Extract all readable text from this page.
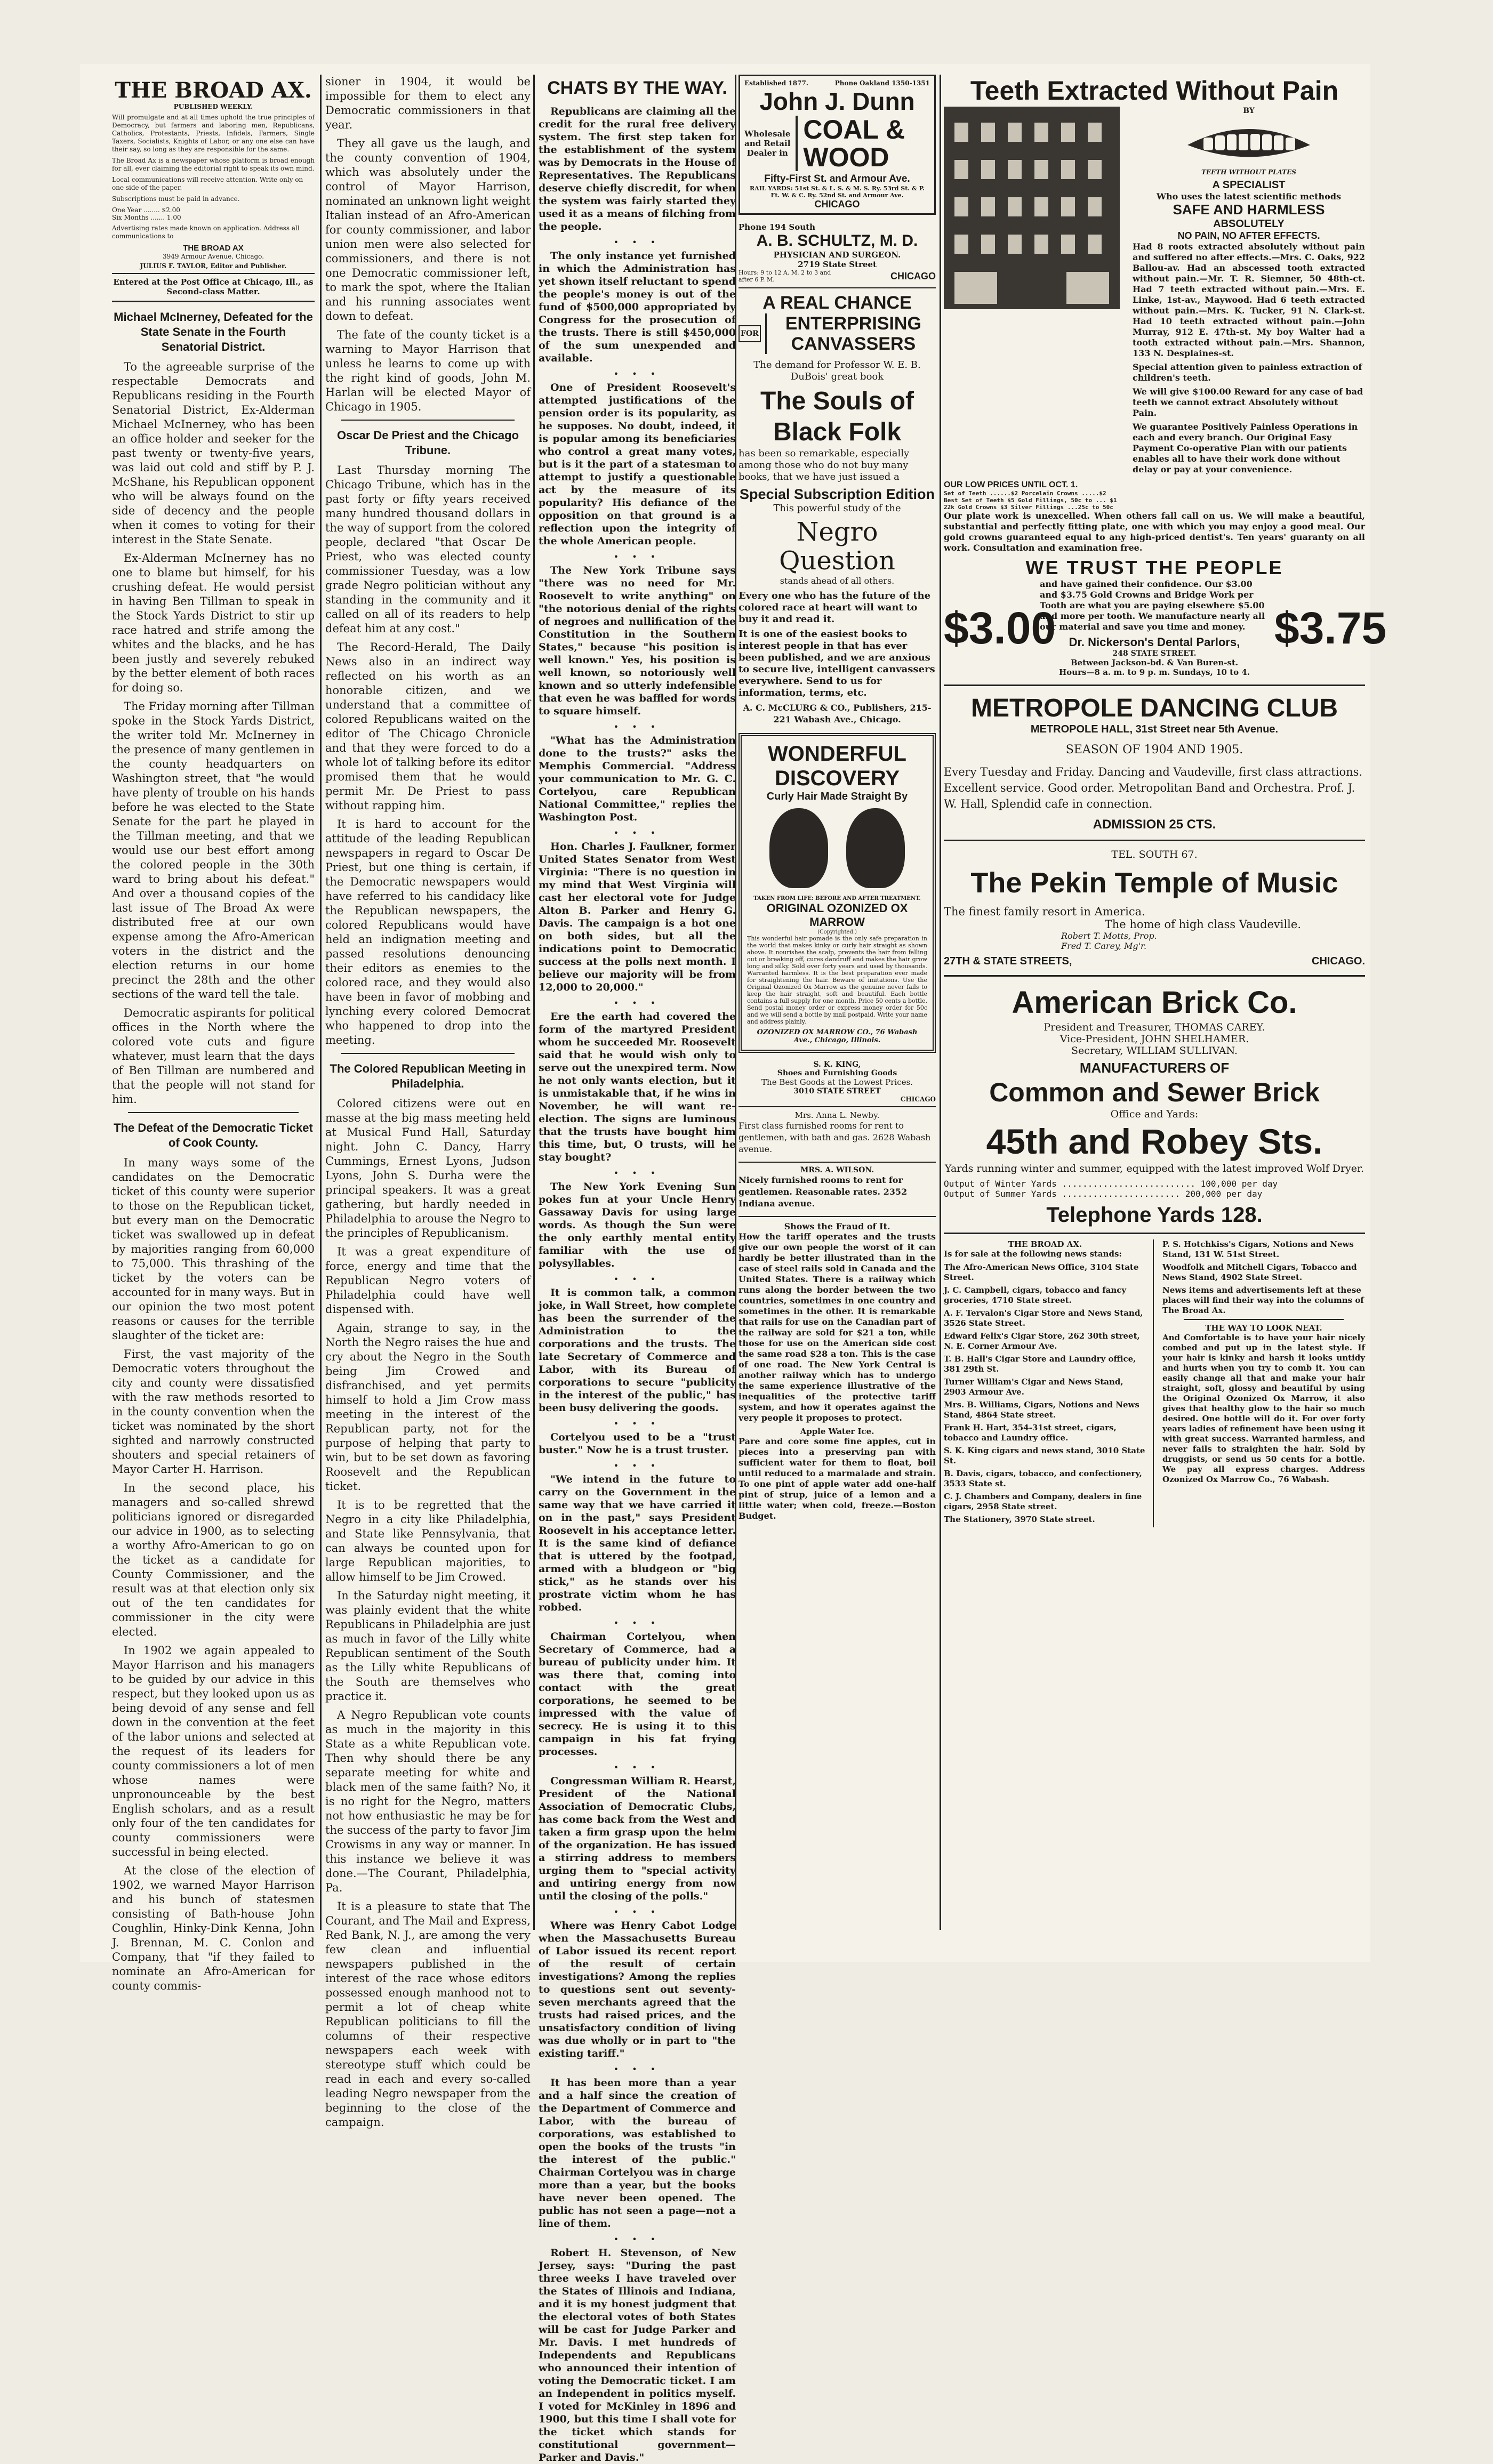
THE BROAD AX.
PUBLISHED WEEKLY.

Will promulgate and at all times uphold the true principles of Democracy, but farmers and laboring men, Republicans, Catholics, Protestants, Priests, Infidels, Farmers, Single Taxers, Socialists, Knights of Labor, or any one else can have their say, so long as they are responsible for the same.

The Broad Ax is a newspaper whose platform is broad enough for all, ever claiming the editorial right to speak its own mind.

Local communications will receive attention. Write only on one side of the paper.

Subscriptions must be paid in advance.

One Year ........ $2.00
Six Months ....... 1.00

Advertising rates made known on application. Address all communications to

THE BROAD AX
3949 Armour Avenue, Chicago.
JULIUS F. TAYLOR, Editor and Publisher.
Entered at the Post Office at Chicago, Ill., as Second-class Matter.
Michael McInerney, Defeated for the State Senate in the Fourth Senatorial District.

To the agreeable surprise of the respectable Democrats and Republicans residing in the Fourth Senatorial District, Ex-Alderman Michael McInerney, who has been an office holder and seeker for the past twenty or twenty-five years, was laid out cold and stiff by P. J. McShane, his Republican opponent who will be always found on the side of decency and the people when it comes to voting for their interest in the State Senate.

Ex-Alderman McInerney has no one to blame but himself, for his crushing defeat. He would persist in having Ben Tillman to speak in the Stock Yards District to stir up race hatred and strife among the whites and the blacks, and he has been justly and severely rebuked by the better element of both races for doing so.

The Friday morning after Tillman spoke in the Stock Yards District, the writer told Mr. McInerney in the presence of many gentlemen in the county headquarters on Washington street, that "he would have plenty of trouble on his hands before he was elected to the State Senate for the part he played in the Tillman meeting, and that we would use our best effort among the colored people in the 30th ward to bring about his defeat." And over a thousand copies of the last issue of The Broad Ax were distributed free at our own expense among the Afro-American voters in the district and the election returns in our home precinct the 28th and the other sections of the ward tell the tale.

Democratic aspirants for political offices in the North where the colored vote cuts and figure whatever, must learn that the days of Ben Tillman are numbered and that the people will not stand for him.

The Defeat of the Democratic Ticket of Cook County.

In many ways some of the candidates on the Democratic ticket of this county were superior to those on the Republican ticket, but every man on the Democratic ticket was swallowed up in defeat by majorities ranging from 60,000 to 75,000. This thrashing of the ticket by the voters can be accounted for in many ways. But in our opinion the two most potent reasons or causes for the terrible slaughter of the ticket are:

First, the vast majority of the Democratic voters throughout the city and county were dissatisfied with the raw methods resorted to in the county convention when the ticket was nominated by the short sighted and narrowly constructed shouters and special retainers of Mayor Carter H. Harrison.

In the second place, his managers and so-called shrewd politicians ignored or disregarded our advice in 1900, as to selecting a worthy Afro-American to go on the ticket as a candidate for County Commissioner, and the result was at that election only six out of the ten candidates for commissioner in the city were elected.

In 1902 we again appealed to Mayor Harrison and his managers to be guided by our advice in this respect, but they looked upon us as being devoid of any sense and fell down in the convention at the feet of the labor unions and selected at the request of its leaders for county commissioners a lot of men whose names were unpronounceable by the best English scholars, and as a result only four of the ten candidates for county commissioners were successful in being elected.

At the close of the election of 1902, we warned Mayor Harrison and his bunch of statesmen consisting of Bath-house John Coughlin, Hinky-Dink Kenna, John J. Brennan, M. C. Conlon and Company, that "if they failed to nominate an Afro-American for county commis-

sioner in 1904, it would be impossible for them to elect any Democratic commissioners in that year.

They all gave us the laugh, and the county convention of 1904, which was absolutely under the control of Mayor Harrison, nominated an unknown light weight Italian instead of an Afro-American for county commissioner, and labor union men were also selected for commissioners, and there is not one Democratic commissioner left, to mark the spot, where the Italian and his running associates went down to defeat.

The fate of the county ticket is a warning to Mayor Harrison that unless he learns to come up with the right kind of goods, John M. Harlan will be elected Mayor of Chicago in 1905.

Oscar De Priest and the Chicago Tribune.

Last Thursday morning The Chicago Tribune, which has in the past forty or fifty years received many hundred thousand dollars in the way of support from the colored people, declared "that Oscar De Priest, who was elected county commissioner Tuesday, was a low grade Negro politician without any standing in the community and it called on all of its readers to help defeat him at any cost."

The Record-Herald, The Daily News also in an indirect way reflected on his worth as an honorable citizen, and we understand that a committee of colored Republicans waited on the editor of The Chicago Chronicle and that they were forced to do a whole lot of talking before its editor promised them that he would permit Mr. De Priest to pass without rapping him.

It is hard to account for the attitude of the leading Republican newspapers in regard to Oscar De Priest, but one thing is certain, if the Democratic newspapers would have referred to his candidacy like the Republican newspapers, the colored Republicans would have held an indignation meeting and passed resolutions denouncing their editors as enemies to the colored race, and they would also have been in favor of mobbing and lynching every colored Democrat who happened to drop into the meeting.

The Colored Republican Meeting in Philadelphia.

Colored citizens were out en masse at the big mass meeting held at Musical Fund Hall, Saturday night. John C. Dancy, Harry Cummings, Ernest Lyons, Judson Lyons, John S. Durha were the principal speakers. It was a great gathering, but hardly needed in Philadelphia to arouse the Negro to the principles of Republicanism.

It was a great expenditure of force, energy and time that the Republican Negro voters of Philadelphia could have well dispensed with.

Again, strange to say, in the North the Negro raises the hue and cry about the Negro in the South being Jim Crowed and disfranchised, and yet permits himself to hold a Jim Crow mass meeting in the interest of the Republican party, not for the purpose of helping that party to win, but to be set down as favoring Roosevelt and the Republican ticket.

It is to be regretted that the Negro in a city like Philadelphia, and State like Pennsylvania, that can always be counted upon for large Republican majorities, to allow himself to be Jim Crowed.

In the Saturday night meeting, it was plainly evident that the white Republicans in Philadelphia are just as much in favor of the Lilly white Republican sentiment of the South as the Lilly white Republicans of the South are themselves who practice it.

A Negro Republican vote counts as much in the majority in this State as a white Republican vote. Then why should there be any separate meeting for white and black men of the same faith? No, it is no right for the Negro, matters not how enthusiastic he may be for the success of the party to favor Jim Crowisms in any way or manner. In this instance we believe it was done.—The Courant, Philadelphia, Pa.

It is a pleasure to state that The Courant, and The Mail and Express, Red Bank, N. J., are among the very few clean and influential newspapers published in the interest of the race whose editors possessed enough manhood not to permit a lot of cheap white Republican politicians to fill the columns of their respective newspapers each week with stereotype stuff which could be read in each and every so-called leading Negro newspaper from the beginning to the close of the campaign.

CHATS BY THE WAY.

Republicans are claiming all the credit for the rural free delivery system. The first step taken for the establishment of the system was by Democrats in the House of Representatives. The Republicans deserve chiefly discredit, for when the system was fairly started they used it as a means of filching from the people.

• • •

The only instance yet furnished in which the Administration has yet shown itself reluctant to spend the people's money is out of the fund of $500,000 appropriated by Congress for the prosecution of the trusts. There is still $450,000 of the sum unexpended and available.

• • •

One of President Roosevelt's attempted justifications of the pension order is its popularity, as he supposes. No doubt, indeed, it is popular among its beneficiaries who control a great many votes, but is it the part of a statesman to attempt to justify a questionable act by the measure of its popularity? His defiance of the opposition on that ground is a reflection upon the integrity of the whole American people.

• • •

The New York Tribune says "there was no need for Mr. Roosevelt to write anything" on "the notorious denial of the rights of negroes and nullification of the Constitution in the Southern States," because "his position is well known." Yes, his position is well known, so notoriously well known and so utterly indefensible that even he was baffled for words to square himself.

• • •

"What has the Administration done to the trusts?" asks the Memphis Commercial. "Address your communication to Mr. G. C. Cortelyou, care Republican National Committee," replies the Washington Post.

• • •

Hon. Charles J. Faulkner, former United States Senator from West Virginia: "There is no question in my mind that West Virginia will cast her electoral vote for Judge Alton B. Parker and Henry G. Davis. The campaign is a hot one on both sides, but all the indications point to Democratic success at the polls next month. I believe our majority will be from 12,000 to 20,000."

• • •

Ere the earth had covered the form of the martyred President whom he succeeded Mr. Roosevelt said that he would wish only to serve out the unexpired term. Now he not only wants election, but it is unmistakable that, if he wins in November, he will want re-election. The signs are luminous that the trusts have bought him this time, but, O trusts, will he stay bought?

• • •

The New York Evening Sun pokes fun at your Uncle Henry Gassaway Davis for using large words. As though the Sun were the only earthly mental entity familiar with the use of polysyllables.

• • •

It is common talk, a common joke, in Wall Street, how complete has been the surrender of the Administration to the corporations and the trusts. The late Secretary of Commerce and Labor, with its Bureau of corporations to secure "publicity in the interest of the public," has been busy delivering the goods.

• • •

Cortelyou used to be a "trust buster." Now he is a trust truster.

• • •

"We intend in the future to carry on the Government in the same way that we have carried it on in the past," says President Roosevelt in his acceptance letter. It is the same kind of defiance that is uttered by the footpad, armed with a bludgeon or "big stick," as he stands over his prostrate victim whom he has robbed.

• • •

Chairman Cortelyou, when Secretary of Commerce, had a bureau of publicity under him. It was there that, coming into contact with the great corporations, he seemed to be impressed with the value of secrecy. He is using it to this campaign in his fat frying processes.

• • •

Congressman William R. Hearst, President of the National Association of Democratic Clubs, has come back from the West and taken a firm grasp upon the helm of the organization. He has issued a stirring address to members urging them to "special activity and untiring energy from now until the closing of the polls."

• • •

Where was Henry Cabot Lodge when the Massachusetts Bureau of Labor issued its recent report of the result of certain investigations? Among the replies to questions sent out seventy-seven merchants agreed that the trusts had raised prices, and the unsatisfactory condition of living was due wholly or in part to "the existing tariff."

• • •

It has been more than a year and a half since the creation of the Department of Commerce and Labor, with the bureau of corporations, was established to open the books of the trusts "in the interest of the public." Chairman Cortelyou was in charge more than a year, but the books have never been opened. The public has not seen a page—not a line of them.

• • •

Robert H. Stevenson, of New Jersey, says: "During the past three weeks I have traveled over the States of Illinois and Indiana, and it is my honest judgment that the electoral votes of both States will be cast for Judge Parker and Mr. Davis. I met hundreds of Independents and Republicans who announced their intention of voting the Democratic ticket. I am an Independent in politics myself. I voted for McKinley in 1896 and 1900, but this time I shall vote for the ticket which stands for constitutional government—Parker and Davis."

Established 1877.	Phone Oakland 1350-1351
John J. Dunn
Wholesale and Retail Dealer in
COAL & WOOD
Fifty-First St. and Armour Ave.
RAIL YARDS: 51st St. & L. S. & M. S. Ry. 53rd St. & P. Ft. W. & C. Ry. 52nd St. and Armour Ave.
CHICAGO
Phone 194 South
A. B. SCHULTZ, M. D.
PHYSICIAN AND SURGEON.
2719 State Street
Hours: 9 to 12 A. M. 2 to 3 and after 6 P. M.	CHICAGO
A REAL CHANCE
FOR	ENTERPRISING CANVASSERS

The demand for Professor W. E. B. DuBois' great book

The Souls of Black Folk

has been so remarkable, especially among those who do not buy many books, that we have just issued a

Special Subscription Edition

This powerful study of the

Negro Question

stands ahead of all others.

Every one who has the future of the colored race at heart will want to buy it and read it.

It is one of the easiest books to interest people in that has ever been published, and we are anxious to secure live, intelligent canvassers everywhere. Send to us for information, terms, etc.

A. C. McCLURG & CO., Publishers, 215-221 Wabash Ave., Chicago.

WONDERFUL DISCOVERY
Curly Hair Made Straight By

TAKEN FROM LIFE: BEFORE AND AFTER TREATMENT.
ORIGINAL OZONIZED OX MARROW
(Copyrighted.)

This wonderful hair pomade is the only safe preparation in the world that makes kinky or curly hair straight as shown above. It nourishes the scalp, prevents the hair from falling out or breaking off, cures dandruff and makes the hair grow long and silky. Sold over forty years and used by thousands. Warranted harmless. It is the best preparation ever made for straightening the hair. Beware of imitations. Use the Original Ozonized Ox Marrow as the genuine never fails to keep the hair straight, soft and beautiful. Each bottle contains a full supply for one month. Price 50 cents a bottle. Send postal money order or express money order for 50c and we will send a bottle by mail postpaid. Write your name and address plainly.

OZONIZED OX MARROW CO., 76 Wabash Ave., Chicago, Illinois.
S. K. KING,
Shoes and Furnishing Goods
The Best Goods at the Lowest Prices.
3010 STATE STREET
CHICAGO
Mrs. Anna L. Newby.

First class furnished rooms for rent to gentlemen, with bath and gas. 2628 Wabash avenue.

MRS. A. WILSON.

Nicely furnished rooms to rent for gentlemen. Reasonable rates. 2352 Indiana avenue.

Shows the Fraud of It.

How the tariff operates and the trusts give our own people the worst of it can hardly be better illustrated than in the case of steel rails sold in Canada and the United States. There is a railway which runs along the border between the two countries, sometimes in one country and sometimes in the other. It is remarkable that rails for use on the Canadian part of the railway are sold for $21 a ton, while those for use on the American side cost the same road $28 a ton. This is the case of one road. The New York Central is another railway which has to undergo the same experience illustrative of the inequalities of the protective tariff system, and how it operates against the very people it proposes to protect.

Apple Water Ice.

Pare and core some fine apples, cut in pieces into a preserving pan with sufficient water for them to float, boil until reduced to a marmalade and strain. To one pint of apple water add one-half pint of strup, juice of a lemon and a little water; when cold, freeze.—Boston Budget.

Teeth Extracted Without Pain
BY
TEETH WITHOUT PLATES
A SPECIALIST
Who uses the latest scientific methods
SAFE AND HARMLESS
ABSOLUTELY
NO PAIN, NO AFTER EFFECTS.

Had 8 roots extracted absolutely without pain and suffered no after effects.—Mrs. C. Oaks, 922 Ballou-av. Had an abscessed tooth extracted without pain.—Mr. T. R. Siemner, 50 48th-ct. Had 7 teeth extracted without pain.—Mrs. E. Linke, 1st-av., Maywood. Had 6 teeth extracted without pain.—Mrs. K. Tucker, 91 N. Clark-st. Had 10 teeth extracted without pain.—John Murray, 912 E. 47th-st. My boy Walter had a tooth extracted without pain.—Mrs. Shannon, 133 N. Desplaines-st.

Special attention given to painless extraction of children's teeth.

We will give $100.00 Reward for any case of bad teeth we cannot extract Absolutely without Pain.

We guarantee Positively Painless Operations in each and every branch. Our Original Easy Payment Co-operative Plan with our patients enables all to have their work done without delay or pay at your convenience.

OUR LOW PRICES UNTIL OCT. 1.
Set of Teeth ......$2 Porcelain Crowns .....$2
Best Set of Teeth $5 Gold Fillings, 50c to ... $1
22k Gold Crowns $3 Silver Fillings ...25c to 50c

Our plate work is unexcelled. When others fall call on us. We will make a beautiful, substantial and perfectly fitting plate, one with which you may enjoy a good meal. Our gold crowns guaranteed equal to any high-priced dentist's. Ten years' guaranty on all work. Consultation and examination free.

WE TRUST THE PEOPLE
$3.00

and have gained their confidence. Our $3.00 and $3.75 Gold Crowns and Bridge Work per Tooth are what you are paying elsewhere $5.00 and more per tooth. We manufacture nearly all our material and save you time and money.

Dr. Nickerson's Dental Parlors,
248 STATE STREET.
Between Jackson-bd. & Van Buren-st.
Hours—8 a. m. to 9 p. m. Sundays, 10 to 4.
$3.75
METROPOLE DANCING CLUB
METROPOLE HALL, 31st Street near 5th Avenue.
SEASON OF 1904 AND 1905.

Every Tuesday and Friday. Dancing and Vaudeville, first class attractions. Excellent service. Good order. Metropolitan Band and Orchestra. Prof. J. W. Hall, Splendid cafe in connection.

ADMISSION 25 CTS.
TEL. SOUTH 67.
The Pekin Temple of Music
The finest family resort in America.
The home of high class Vaudeville.
Robert T. Motts, Prop.
Fred T. Carey, Mg'r.
27TH & STATE STREETS,	CHICAGO.
American Brick Co.
President and Treasurer, THOMAS CAREY.
Vice-President, JOHN SHELHAMER.
Secretary, WILLIAM SULLIVAN.
MANUFACTURERS OF
Common and Sewer Brick
Office and Yards:
45th and Robey Sts.
Yards running winter and summer, equipped with the latest improved Wolf Dryer.
Output of Winter Yards .......................... 100,000 per day
Output of Summer Yards ....................... 200,000 per day
Telephone Yards 128.
THE BROAD AX.

Is for sale at the following news stands:

The Afro-American News Office, 3104 State Street.

J. C. Campbell, cigars, tobacco and fancy groceries, 4710 State street.

A. F. Tervalon's Cigar Store and News Stand, 3526 State Street.

Edward Felix's Cigar Store, 262 30th street, N. E. Corner Armour Ave.

T. B. Hall's Cigar Store and Laundry office, 381 29th St.

Turner William's Cigar and News Stand, 2903 Armour Ave.

Mrs. B. Williams, Cigars, Notions and News Stand, 4864 State street.

Frank H. Hart, 354-31st street, cigars, tobacco and Laundry office.

S. K. King cigars and news stand, 3010 State St.

B. Davis, cigars, tobacco, and confectionery, 3533 State st.

C. J. Chambers and Company, dealers in fine cigars, 2958 State street.

The Stationery, 3970 State street.

P. S. Hotchkiss's Cigars, Notions and News Stand, 131 W. 51st Street.

Woodfolk and Mitchell Cigars, Tobacco and News Stand, 4902 State Street.

News items and advertisements left at these places will find their way into the columns of The Broad Ax.

THE WAY TO LOOK NEAT.

And Comfortable is to have your hair nicely combed and put up in the latest style. If your hair is kinky and harsh it looks untidy and hurts when you try to comb it. You can easily change all that and make your hair straight, soft, glossy and beautiful by using the Original Ozonized Ox Marrow, it also gives that healthy glow to the hair so much desired. One bottle will do it. For over forty years ladies of refinement have been using it with great success. Warranted harmless, and never fails to straighten the hair. Sold by druggists, or send us 50 cents for a bottle. We pay all express charges. Address Ozonized Ox Marrow Co., 76 Wabash.
